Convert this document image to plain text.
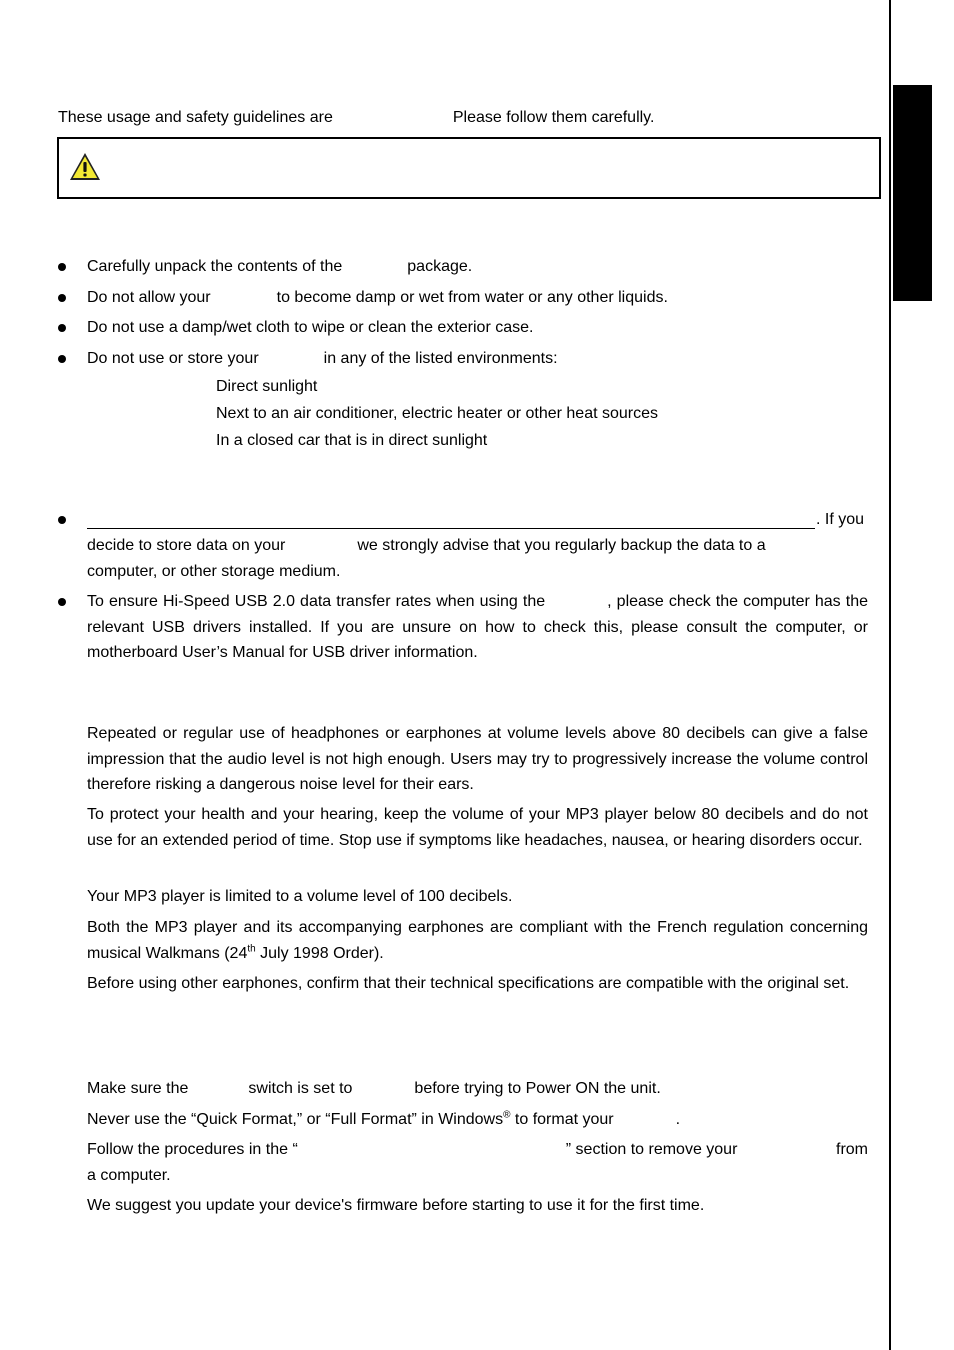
These usage and safety guidelines are	Please follow them carefully.
Carefully unpack the contents of the	package.
Do not allow your	to become damp or wet from water or any other liquids.
Do not use a damp/wet cloth to wipe or clean the exterior case.
Do not use or store your	in any of the listed environments:
Direct sunlight
Next to an air conditioner, electric heater or other heat sources
In a closed car that is in direct sunlight
. If you
decide to store data on your	we strongly advise that you regularly backup the data to a
computer, or other storage medium.
To ensure Hi-Speed USB 2.0 data transfer rates when using the	, please check the computer has the relevant USB drivers installed. If you are unsure on how to check this, please consult the computer, or motherboard User’s Manual for USB driver information.
Repeated or regular use of headphones or earphones at volume levels above 80 decibels can give a false impression that the audio level is not high enough. Users may try to progressively increase the volume control therefore risking a dangerous noise level for their ears.
To protect your health and your hearing, keep the volume of your MP3 player below 80 decibels and do not use for an extended period of time. Stop use if symptoms like headaches, nausea, or hearing disorders occur.
Your MP3 player is limited to a volume level of 100 decibels.
Both the MP3 player and its accompanying earphones are compliant with the French regulation concerning musical Walkmans (24th July 1998 Order).
Before using other earphones, confirm that their technical specifications are compatible with the original set.
Make sure the	switch is set to	before trying to Power ON the unit.
Never use the “Quick Format,” or “Full Format” in Windows® to format your	.
Follow the procedures in the “	” section to remove your	from
a computer.
We suggest you update your device's firmware before starting to use it for the first time.
